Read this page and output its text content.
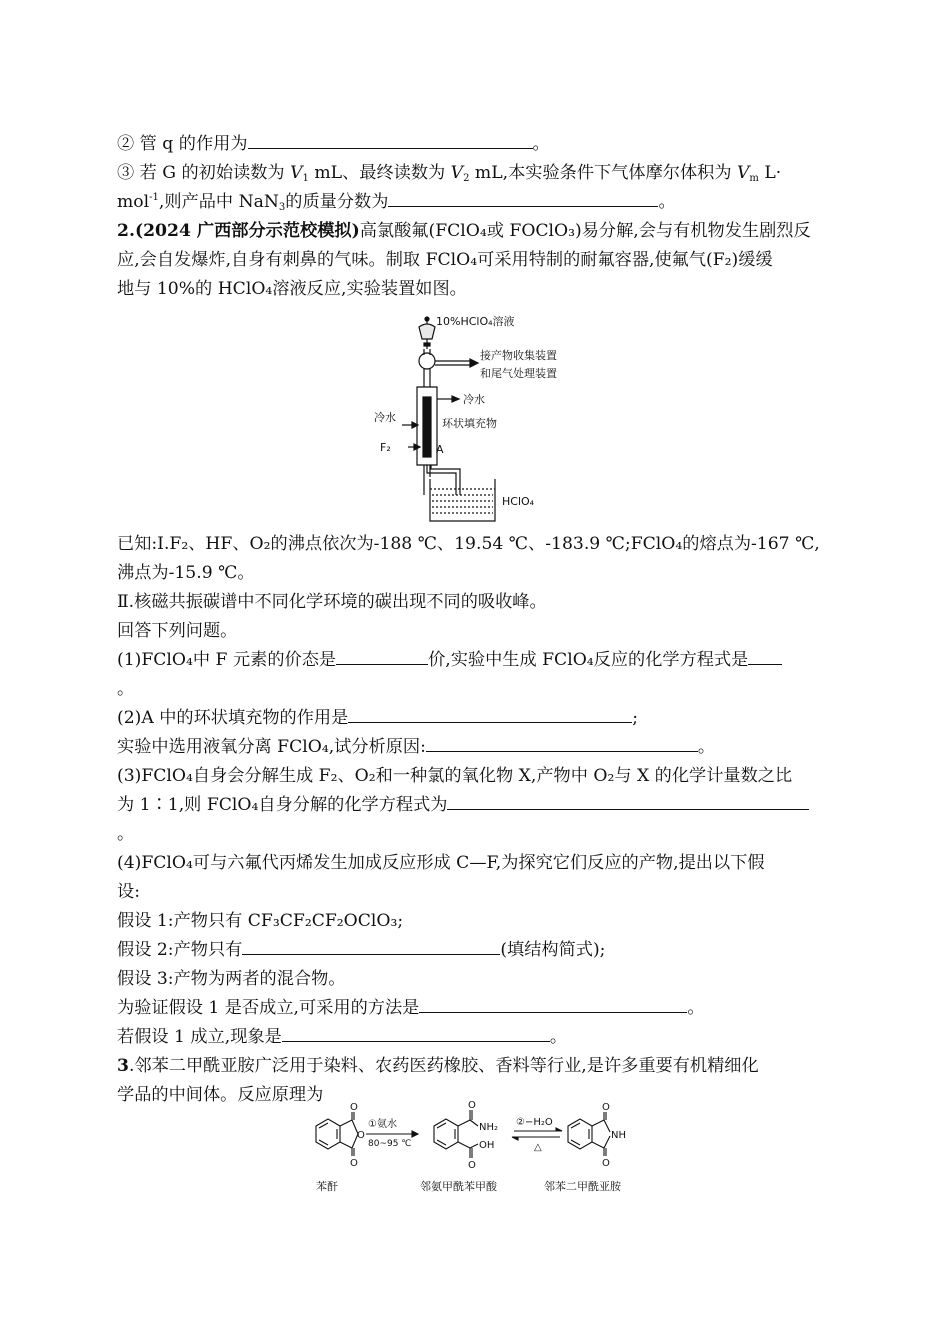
② 管 q 的作用为	。
③ 若 G 的初始读数为 $V_1$ mL、最终读数为 $V_2$ mL,本实验条件下气体摩尔体积为 $V_m$ L·
mol$^{-1}$,则产品中 NaN$_3$的质量分数为	。
2.(2024 广西部分示范校模拟)高氯酸氟(FClO₄或 FOClO₃)易分解,会与有机物发生剧烈反
应,会自发爆炸,自身有刺鼻的气味。制取 FClO₄可采用特制的耐氟容器,使氟气(F₂)缓缓
地与 10%的 HClO₄溶液反应,实验装置如图。
10%HClO₄溶液
接产物收集装置
和尾气处理装置
冷水
冷水	环状填充物
F₂	A
HClO₄
已知:Ⅰ.F₂、HF、O₂的沸点依次为-188 ℃、19.54 ℃、-183.9 ℃;FClO₄的熔点为-167 ℃,
沸点为-15.9 ℃。
Ⅱ.核磁共振碳谱中不同化学环境的碳出现不同的吸收峰。
回答下列问题。
(1)FClO₄中 F 元素的价态是	价,实验中生成 FClO₄反应的化学方程式是
。
(2)A 中的环状填充物的作用是	;
实验中选用液氧分离 FClO₄,试分析原因:	。
(3)FClO₄自身会分解生成 F₂、O₂和一种氯的氧化物 X,产物中 O₂与 X 的化学计量数之比
为 1∶1,则 FClO₄自身分解的化学方程式为
。
(4)FClO₄可与六氟代丙烯发生加成反应形成 C—F,为探究它们反应的产物,提出以下假
设:
假设 1:产物只有 CF₃CF₂CF₂OClO₃;
假设 2:产物只有	(填结构简式);
假设 3:产物为两者的混合物。
为验证假设 1 是否成立,可采用的方法是	。
若假设 1 成立,现象是	。
3.邻苯二甲酰亚胺广泛用于染料、农药医药橡胶、香料等行业,是许多重要有机精细化
学品的中间体。反应原理为
O
O
O
①氨水
80~95 ℃
O
NH₂
OH
O
②−H₂O
△
O
NH
O
苯酐	邻氨甲酰苯甲酸	邻苯二甲酰亚胺
